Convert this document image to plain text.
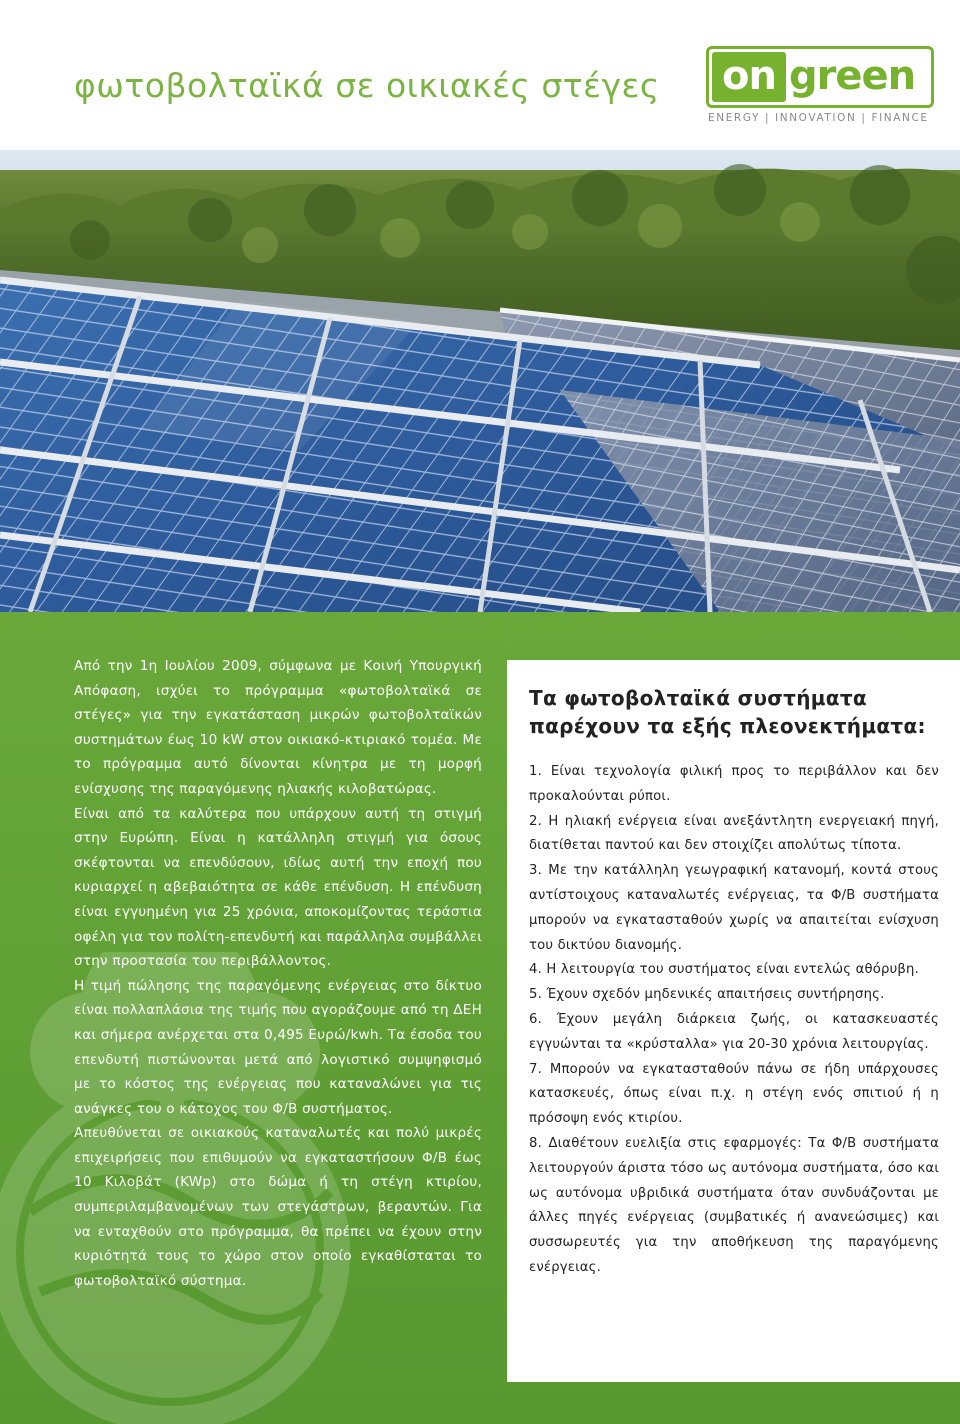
φωτοβολταϊκά σε οικιακές στέγες on green
ENERGY | INNOVATION | FINANCE

Από την 1η Ιουλίου 2009, σύμφωνα με Κοινή Υπουργική Απόφαση, ισχύει το πρόγραμμα «φωτοβολταϊκά σε στέγες» για την εγκατάσταση μικρών φωτοβολταϊκών συστημάτων έως 10 kW στον οικιακό-κτιριακό τομέα. Με το πρόγραμμα αυτό δίνονται κίνητρα με τη μορφή ενίσχυσης της παραγόμενης ηλιακής κιλοβατώρας.

Είναι από τα καλύτερα που υπάρχουν αυτή τη στιγμή στην Ευρώπη. Είναι η κατάλληλη στιγμή για όσους σκέφτονται να επενδύσουν, ιδίως αυτή την εποχή που κυριαρχεί η αβεβαιότητα σε κάθε επένδυση. Η επένδυση είναι εγγυημένη για 25 χρόνια, αποκομίζοντας τεράστια οφέλη για τον πολίτη-επενδυτή και παράλληλα συμβάλλει στην προστασία του περιβάλλοντος.

Η τιμή πώλησης της παραγόμενης ενέργειας στο δίκτυο είναι πολλαπλάσια της τιμής που αγοράζουμε από τη ΔΕΗ και σήμερα ανέρχεται στα 0,495 Ευρώ/kwh. Τα έσοδα του επενδυτή πιστώνονται μετά από λογιστικό συμψηφισμό με το κόστος της ενέργειας που καταναλώνει για τις ανάγκες του ο κάτοχος του Φ/Β συστήματος.

Απευθύνεται σε οικιακούς καταναλωτές και πολύ μικρές επιχειρήσεις που επιθυμούν να εγκαταστήσουν Φ/Β έως 10 Κιλοβάτ (KWp) στο δώμα ή τη στέγη κτιρίου, συμπεριλαμβανομένων των στεγάστρων, βεραντών. Για να ενταχθούν στο πρόγραμμα, θα πρέπει να έχουν στην κυριότητά τους το χώρο στον οποίο εγκαθίσταται το φωτοβολταϊκό σύστημα.

Τα φωτοβολταϊκά συστήματα παρέχουν τα εξής πλεονεκτήματα:
1. Είναι τεχνολογία φιλική προς το περιβάλλον και δεν προκαλούνται ρύποι.
2. Η ηλιακή ενέργεια είναι ανεξάντλητη ενεργειακή πηγή, διατίθεται παντού και δεν στοιχίζει απολύτως τίποτα.
3. Με την κατάλληλη γεωγραφική κατανομή, κοντά στους αντίστοιχους καταναλωτές ενέργειας, τα Φ/Β συστήματα μπορούν να εγκατασταθούν χωρίς να απαιτείται ενίσχυση του δικτύου διανομής.
4. Η λειτουργία του συστήματος είναι εντελώς αθόρυβη.
5. Έχουν σχεδόν μηδενικές απαιτήσεις συντήρησης.
6. Έχουν μεγάλη διάρκεια ζωής, οι κατασκευαστές εγγυώνται τα «κρύσταλλα» για 20-30 χρόνια λειτουργίας.
7. Μπορούν να εγκατασταθούν πάνω σε ήδη υπάρχουσες κατασκευές, όπως είναι π.χ. η στέγη ενός σπιτιού ή η πρόσοψη ενός κτιρίου.
8. Διαθέτουν ευελιξία στις εφαρμογές: Τα Φ/Β συστήματα λειτουργούν άριστα τόσο ως αυτόνομα συστήματα, όσο και ως αυτόνομα υβριδικά συστήματα όταν συνδυάζονται με άλλες πηγές ενέργειας (συμβατικές ή ανανεώσιμες) και συσσωρευτές για την αποθήκευση της παραγόμενης ενέργειας.
